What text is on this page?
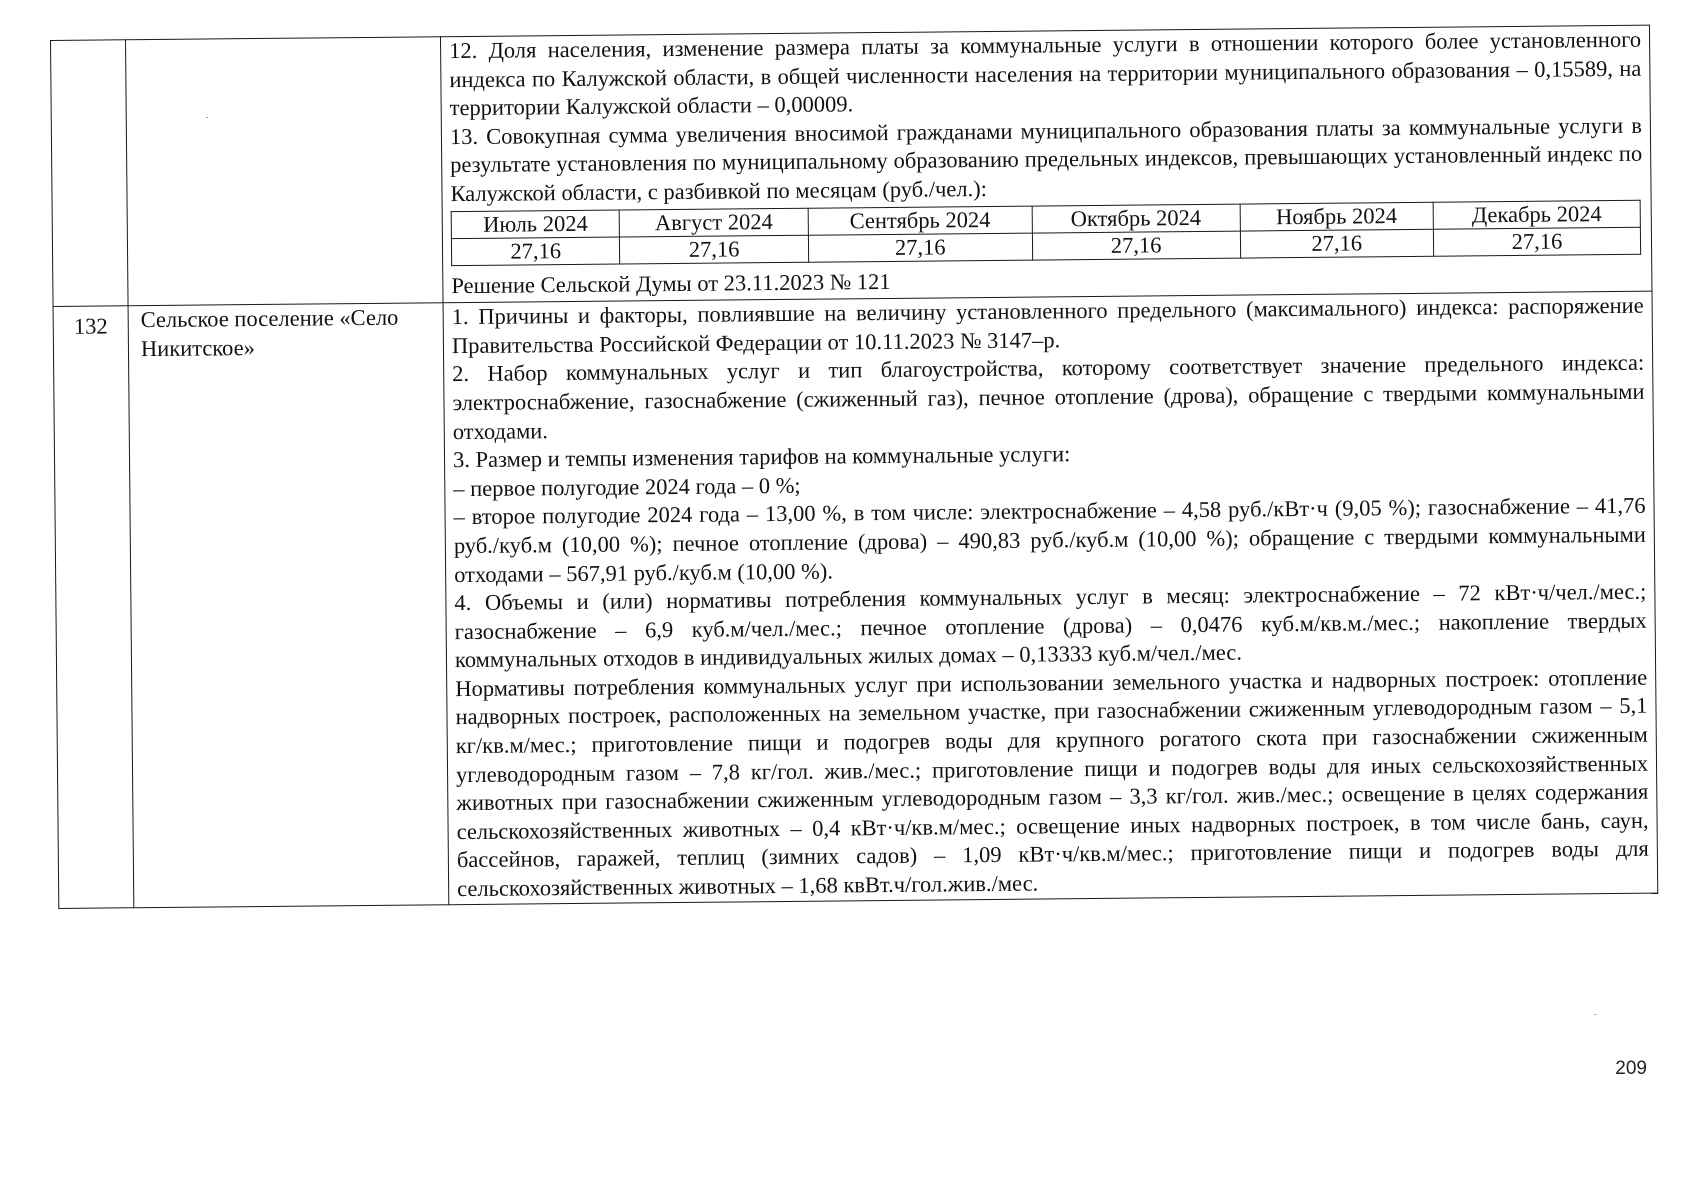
12. Доля населения, изменение размера платы за коммунальные услуги в отношении которого более установленного индекса по Калужской области, в общей численности населения на территории муниципального образования – 0,15589, на территории Калужской области – 0,00009.

13. Совокупная сумма увеличения вносимой гражданами муниципального образования платы за коммунальные услуги в результате установления по муниципальному образованию предельных индексов, превышающих установленный индекс по Калужской области, с разбивкой по месяцам (руб./чел.):

Июль 2024	Август 2024	Сентябрь 2024	Октябрь 2024	Ноябрь 2024	Декабрь 2024
27,16	27,16	27,16	27,16	27,16	27,16

Решение Сельской Думы от 23.11.2023 № 121

132	Сельское поселение «Село Никитское»	

1. Причины и факторы, повлиявшие на величину установленного предельного (максимального) индекса: распоряжение Правительства Российской Федерации от 10.11.2023 № 3147–р.

2. Набор коммунальных услуг и тип благоустройства, которому соответствует значение предельного индекса: электроснабжение, газоснабжение (сжиженный газ), печное отопление (дрова), обращение с твердыми коммунальными отходами.

3. Размер и темпы изменения тарифов на коммунальные услуги:

– первое полугодие 2024 года – 0 %;

– второе полугодие 2024 года – 13,00 %, в том числе: электроснабжение – 4,58 руб./кВт·ч (9,05 %); газоснабжение – 41,76 руб./куб.м (10,00 %); печное отопление (дрова) – 490,83 руб./куб.м (10,00 %); обращение с твердыми коммунальными отходами – 567,91 руб./куб.м (10,00 %).

4. Объемы и (или) нормативы потребления коммунальных услуг в месяц: электроснабжение – 72 кВт·ч/чел./мес.; газоснабжение – 6,9 куб.м/чел./мес.; печное отопление (дрова) – 0,0476 куб.м/кв.м./мес.; накопление твердых коммунальных отходов в индивидуальных жилых домах – 0,13333 куб.м/чел./мес.

Нормативы потребления коммунальных услуг при использовании земельного участка и надворных построек: отопление надворных построек, расположенных на земельном участке, при газоснабжении сжиженным углеводородным газом – 5,1 кг/кв.м/мес.; приготовление пищи и подогрев воды для крупного рогатого скота при газоснабжении сжиженным углеводородным газом – 7,8 кг/гол. жив./мес.; приготовление пищи и подогрев воды для иных сельскохозяйственных животных при газоснабжении сжиженным углеводородным газом – 3,3 кг/гол. жив./мес.; освещение в целях содержания сельскохозяйственных животных – 0,4 кВт·ч/кв.м/мес.; освещение иных надворных построек, в том числе бань, саун, бассейнов, гаражей, теплиц (зимних садов) – 1,09 кВт·ч/кв.м/мес.; приготовление пищи и подогрев воды для сельскохозяйственных животных – 1,68 квВт.ч/гол.жив./мес.

209
